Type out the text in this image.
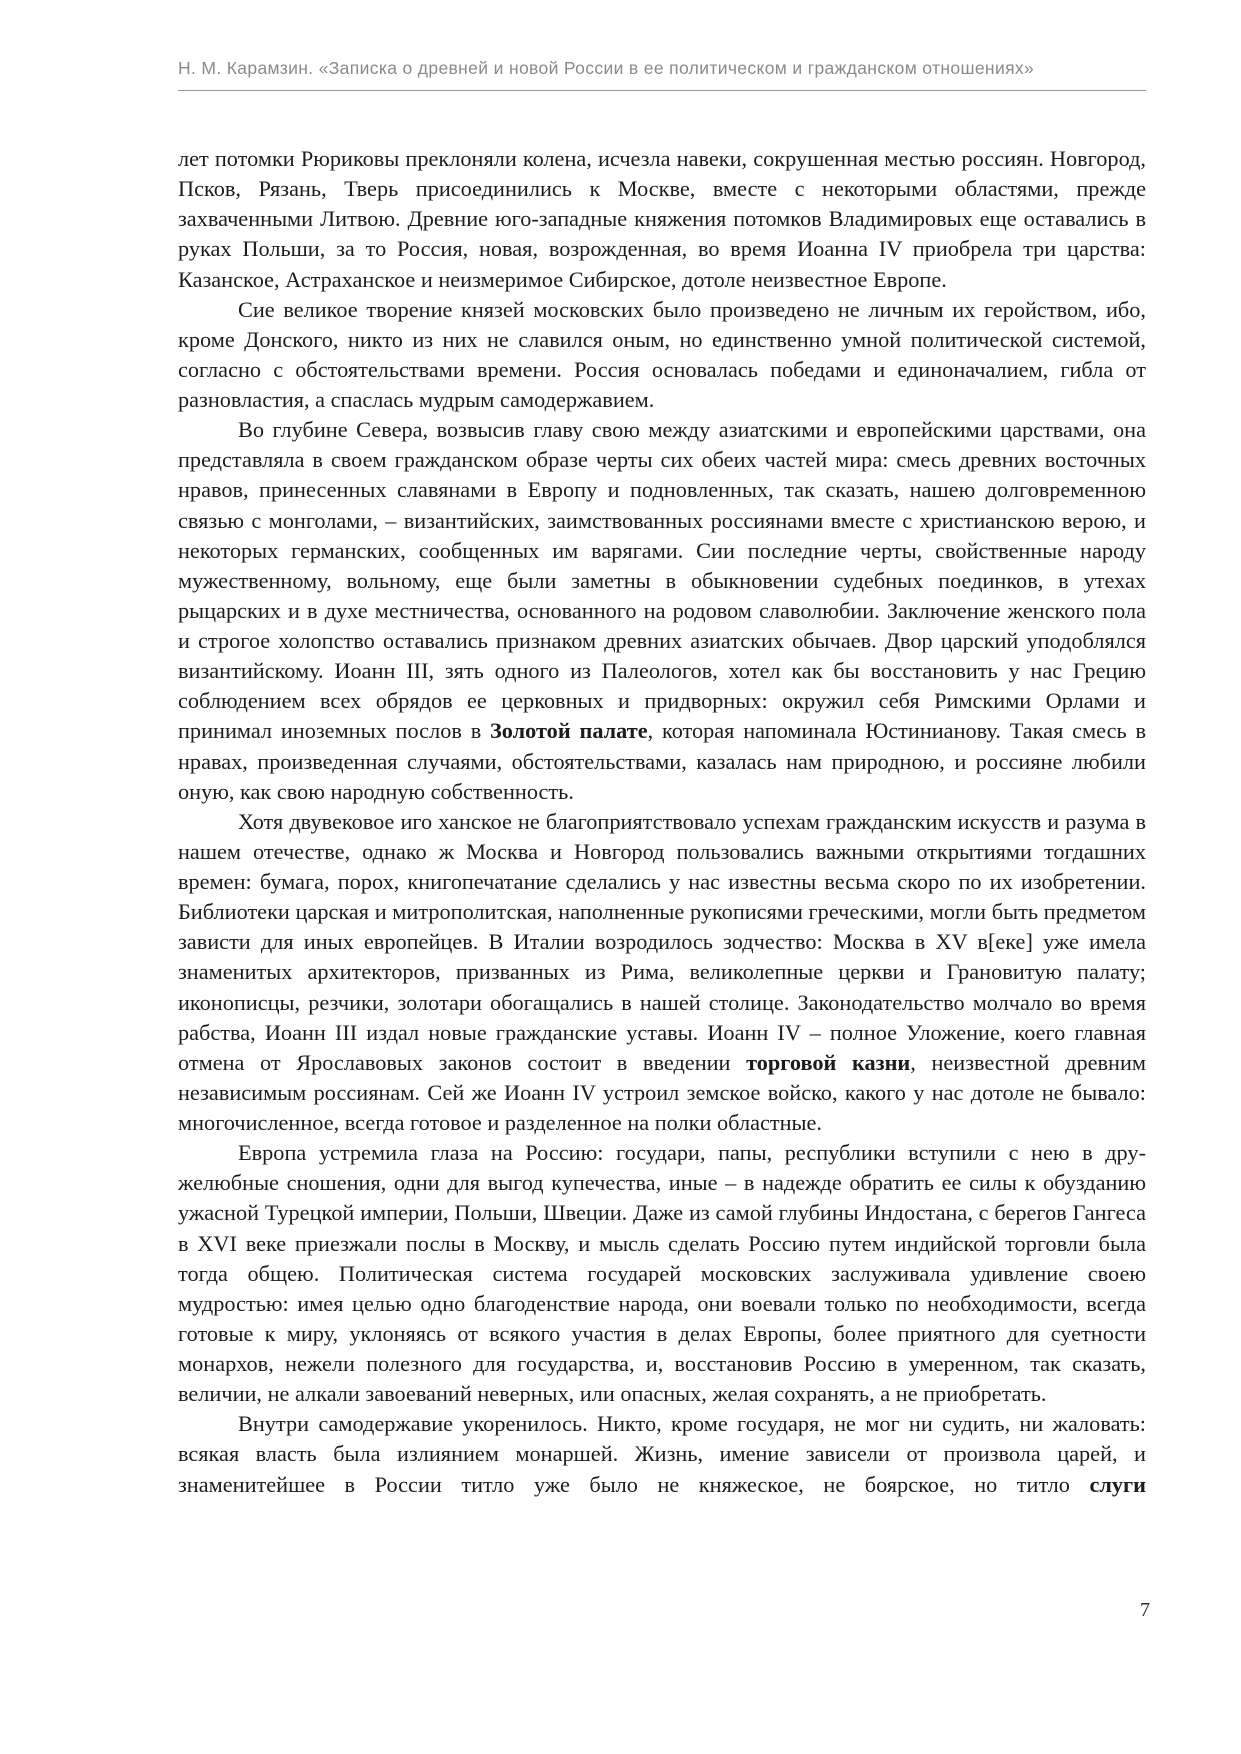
Н. М. Карамзин. «Записка о древней и новой России в ее политическом и гражданском отношениях»

лет потомки Рюриковы преклоняли колена, исчезла навеки, сокрушенная местью россиян. Новгород, Псков, Рязань, Тверь присоединились к Москве, вместе с некоторыми областями, прежде захваченными Литвою. Древние юго-западные княжения потомков Владимировых еще оставались в руках Польши, за то Россия, новая, возрожденная, во время Иоанна IV приобрела три царства: Казанское, Астраханское и неизмеримое Сибирское, дотоле неизвестное Европе.

Сие великое творение князей московских было произведено не личным их геройством, ибо, кроме Донского, никто из них не славился оным, но единственно умной политической системой, согласно с обстоятельствами времени. Россия основалась победами и единоначалием, гибла от разновластия, а спаслась мудрым самодержавием.

Во глубине Севера, возвысив главу свою между азиатскими и европейскими царствами, она представляла в своем гражданском образе черты сих обеих частей мира: смесь древних восточных нравов, принесенных славянами в Европу и подновленных, так сказать, нашею долговременною связью с монголами, – византийских, заимствованных россиянами вместе с христианскою верою, и некоторых германских, сообщенных им варягами. Сии последние черты, свойственные народу мужественному, вольному, еще были заметны в обыкновении судебных поединков, в утехах рыцарских и в духе местничества, основанного на родовом славолюбии. Заключение женского пола и строгое холопство оставались признаком древних азиатских обычаев. Двор царский уподоблялся византийскому. Иоанн III, зять одного из Палеологов, хотел как бы восстановить у нас Грецию соблюдением всех обрядов ее церковных и придворных: окружил себя Римскими Орлами и принимал иноземных послов в Золотой палате, которая напоминала Юстинианову. Такая смесь в нравах, произведенная случаями, обстоятельствами, казалась нам природною, и россияне любили оную, как свою народную собственность.

Хотя двувековое иго ханское не благоприятствовало успехам гражданским искусств и разума в нашем отечестве, однако ж Москва и Новгород пользовались важными открытиями тогдашних времен: бумага, порох, книгопечатание сделались у нас известны весьма скоро по их изобретении. Библиотеки царская и митрополитская, наполненные рукописями греческими, могли быть предметом зависти для иных европейцев. В Италии возродилось зодчество: Москва в XV в[еке] уже имела знаменитых архитекторов, призванных из Рима, великолепные церкви и Грановитую палату; иконописцы, резчики, золотари обогащались в нашей столице. Законодательство молчало во время рабства, Иоанн III издал новые гражданские уставы. Иоанн IV – полное Уложение, коего главная отмена от Ярославовых законов состоит в введении торговой казни, неизвестной древним независимым россиянам. Сей же Иоанн IV устроил земское войско, какого у нас дотоле не бывало: многочисленное, всегда готовое и разделенное на полки областные.

Европа устремила глаза на Россию: государи, папы, республики вступили с нею в дружелюбные сношения, одни для выгод купечества, иные – в надежде обратить ее силы к обузданию ужасной Турецкой империи, Польши, Швеции. Даже из самой глубины Индостана, с берегов Гангеса в XVI веке приезжали послы в Москву, и мысль сделать Россию путем индийской торговли была тогда общею. Политическая система государей московских заслуживала удивление своею мудростью: имея целью одно благоденствие народа, они воевали только по необходимости, всегда готовые к миру, уклоняясь от всякого участия в делах Европы, более приятного для суетности монархов, нежели полезного для государства, и, восстановив Россию в умеренном, так сказать, величии, не алкали завоеваний неверных, или опасных, желая сохранять, а не приобретать.

Внутри самодержавие укоренилось. Никто, кроме государя, не мог ни судить, ни жаловать: всякая власть была излиянием монаршей. Жизнь, имение зависели от произвола царей, и знаменитейшее в России титло уже было не княжеское, не боярское, но титло слуги

7
